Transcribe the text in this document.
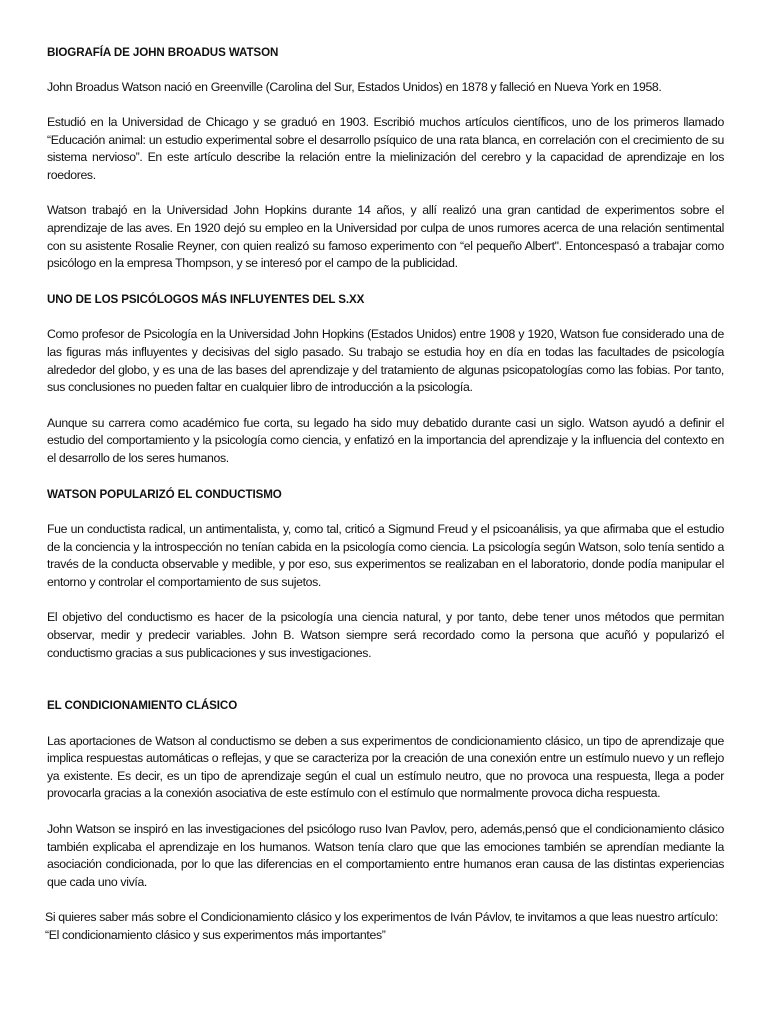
BIOGRAFÍA DE JOHN BROADUS WATSON

John Broadus Watson nació en Greenville (Carolina del Sur, Estados Unidos) en 1878 y falleció en Nueva York en 1958.

Estudió en la Universidad de Chicago y se graduó en 1903. Escribió muchos artículos científicos, uno de los primeros llamado “Educación animal: un estudio experimental sobre el desarrollo psíquico de una rata blanca, en correlación con el crecimiento de su sistema nervioso”. En este artículo describe la relación entre la mielinización del cerebro y la capacidad de aprendizaje en los roedores.

Watson trabajó en la Universidad John Hopkins durante 14 años, y allí realizó una gran cantidad de experimentos sobre el aprendizaje de las aves. En 1920 dejó su empleo en la Universidad por culpa de unos rumores acerca de una relación sentimental con su asistente Rosalie Reyner, con quien realizó su famoso experimento con “el pequeño Albert". Entoncespasó a trabajar como psicólogo en la empresa Thompson, y se interesó por el campo de la publicidad.

UNO DE LOS PSICÓLOGOS MÁS INFLUYENTES DEL S.XX

Como profesor de Psicología en la Universidad John Hopkins (Estados Unidos) entre 1908 y 1920, Watson fue considerado una de las figuras más influyentes y decisivas del siglo pasado. Su trabajo se estudia hoy en día en todas las facultades de psicología alrededor del globo, y es una de las bases del aprendizaje y del tratamiento de algunas psicopatologías como las fobias. Por tanto, sus conclusiones no pueden faltar en cualquier libro de introducción a la psicología.

Aunque su carrera como académico fue corta, su legado ha sido muy debatido durante casi un siglo. Watson ayudó a definir el estudio del comportamiento y la psicología como ciencia, y enfatizó en la importancia del aprendizaje y la influencia del contexto en el desarrollo de los seres humanos.

WATSON POPULARIZÓ EL CONDUCTISMO

Fue un conductista radical, un antimentalista, y, como tal, criticó a Sigmund Freud y el psicoanálisis, ya que afirmaba que el estudio de la conciencia y la introspección no tenían cabida en la psicología como ciencia. La psicología según Watson, solo tenía sentido a través de la conducta observable y medible, y por eso, sus experimentos se realizaban en el laboratorio, donde podía manipular el entorno y controlar el comportamiento de sus sujetos.

El objetivo del conductismo es hacer de la psicología una ciencia natural, y por tanto, debe tener unos métodos que permitan observar, medir y predecir variables. John B. Watson siempre será recordado como la persona que acuñó y popularizó el conductismo gracias a sus publicaciones y sus investigaciones.

EL CONDICIONAMIENTO CLÁSICO

Las aportaciones de Watson al conductismo se deben a sus experimentos de condicionamiento clásico, un tipo de aprendizaje que implica respuestas automáticas o reflejas, y que se caracteriza por la creación de una conexión entre un estímulo nuevo y un reflejo ya existente. Es decir, es un tipo de aprendizaje según el cual un estímulo neutro, que no provoca una respuesta, llega a poder provocarla gracias a la conexión asociativa de este estímulo con el estímulo que normalmente provoca dicha respuesta.

John Watson se inspiró en las investigaciones del psicólogo ruso Ivan Pavlov, pero, además,pensó que el condicionamiento clásico también explicaba el aprendizaje en los humanos. Watson tenía claro que que las emociones también se aprendían mediante la asociación condicionada, por lo que las diferencias en el comportamiento entre humanos eran causa de las distintas experiencias que cada uno vivía.

Si quieres saber más sobre el Condicionamiento clásico y los experimentos de Iván Pávlov, te invitamos a que leas nuestro artículo: “El condicionamiento clásico y sus experimentos más importantes”
